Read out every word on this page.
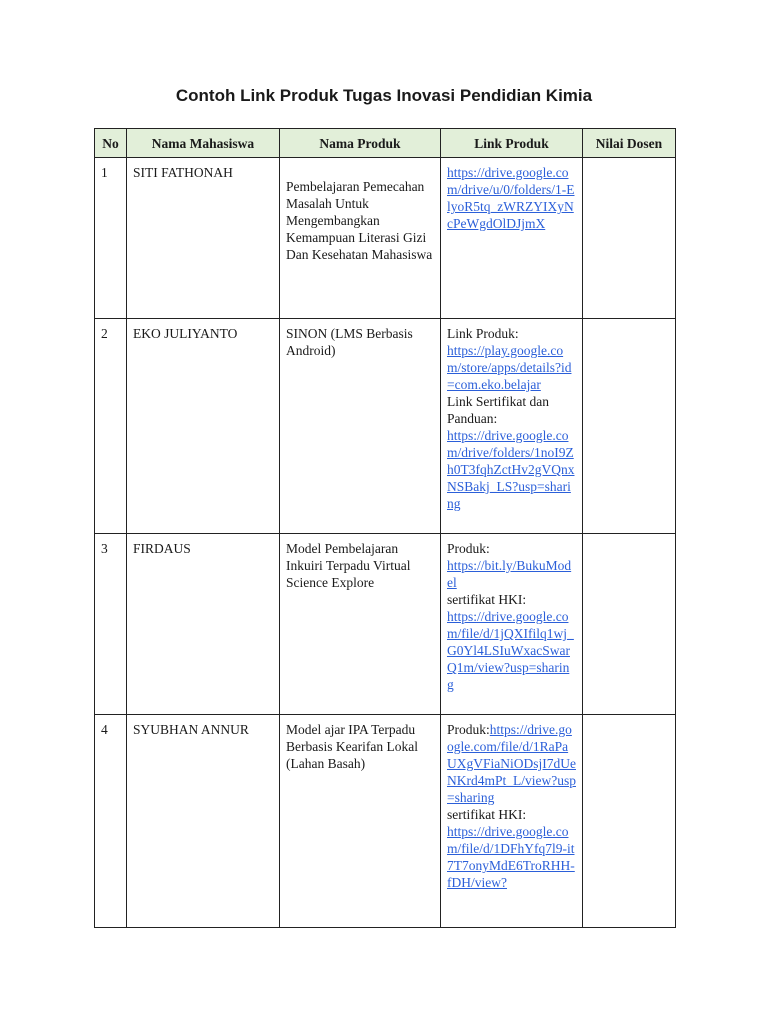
Contoh Link Produk Tugas Inovasi Pendidian Kimia
No	Nama Mahasiswa	Nama Produk	Link Produk	Nilai Dosen
1	SITI FATHONAH	Pembelajaran Pemecahan Masalah Untuk Mengembangkan Kemampuan Literasi Gizi Dan Kesehatan Mahasiswa	https://drive.google.com/drive/u/0/folders/1-ElyoR5tq_zWRZYIXyNcPeWgdOlDJjmX	
2	EKO JULIYANTO	SINON (LMS Berbasis Android)	Link Produk:
https://play.google.com/store/apps/details?id=com.eko.belajar
Link Sertifikat dan Panduan:
https://drive.google.com/drive/folders/1noI9Zh0T3fqhZctHv2gVQnxNSBakj_LS?usp=sharing	
3	FIRDAUS	Model Pembelajaran Inkuiri Terpadu Virtual Science Explore	Produk:
https://bit.ly/BukuModel
sertifikat HKI:
https://drive.google.com/file/d/1jQXIfilq1wj_G0Yl4LSIuWxacSwarQ1m/view?usp=sharing	
4	SYUBHAN ANNUR	Model ajar IPA Terpadu Berbasis Kearifan Lokal (Lahan Basah)	Produk:https://drive.google.com/file/d/1RaPaUXgVFiaNiODsjI7dUeNKrd4mPt_L/view?usp=sharing
sertifikat HKI:
https://drive.google.com/file/d/1DFhYfq7l9-it7T7onyMdE6TroRHH-fDH/view?	
